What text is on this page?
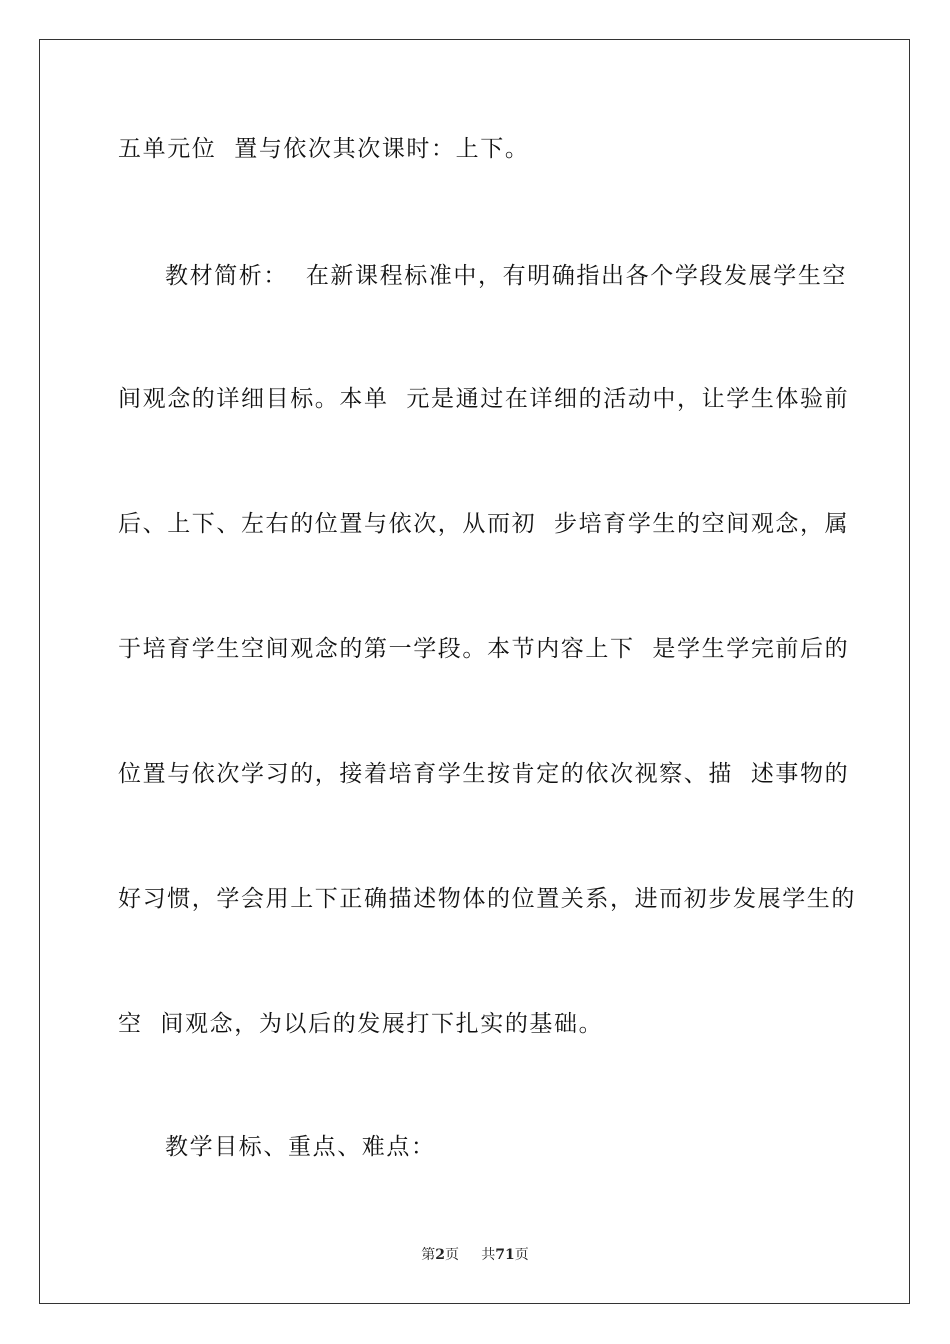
五单元位  置与依次其次课时：上下。
教材简析：  在新课程标准中，有明确指出各个学段发展学生空
间观念的详细目标。本单  元是通过在详细的活动中，让学生体验前
后、上下、左右的位置与依次，从而初  步培育学生的空间观念，属
于培育学生空间观念的第一学段。本节内容上下  是学生学完前后的
位置与依次学习的，接着培育学生按肯定的依次视察、描  述事物的
好习惯，学会用上下正确描述物体的位置关系，进而初步发展学生的
空  间观念，为以后的发展打下扎实的基础。
教学目标、重点、难点：
第2页 共71页
